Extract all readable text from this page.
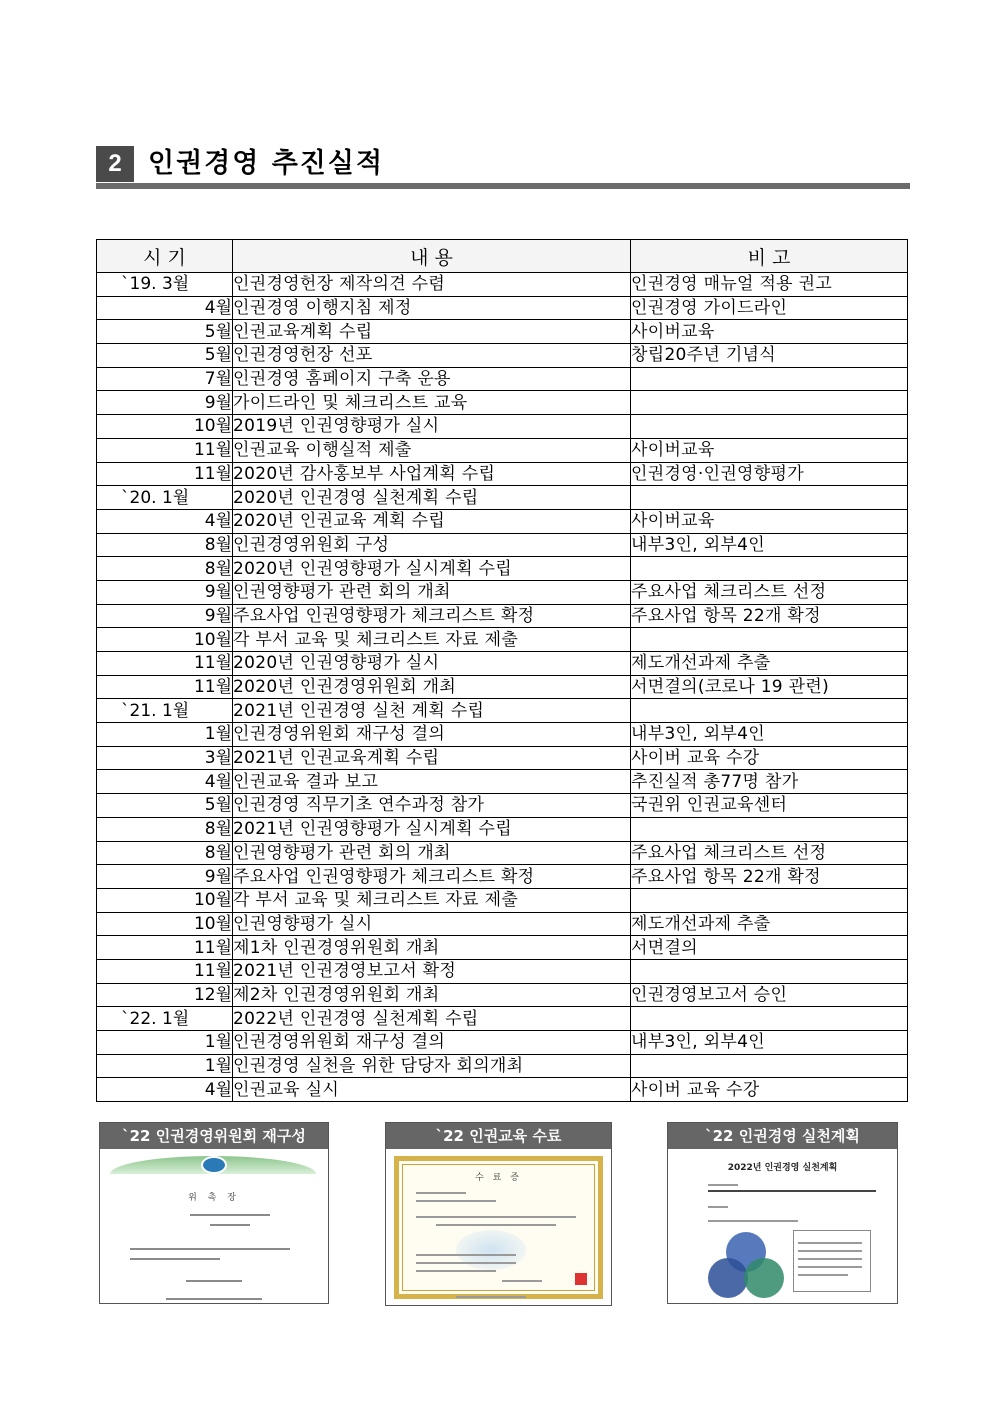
2 인권경영 추진실적
시 기	내 용	비 고
`19. 3월	인권경영헌장 제작의견 수렴	인권경영 매뉴얼 적용 권고
4월	인권경영 이행지침 제정	인권경영 가이드라인
5월	인권교육계획 수립	사이버교육
5월	인권경영헌장 선포	창립20주년 기념식
7월	인권경영 홈페이지 구축 운용	
9월	가이드라인 및 체크리스트 교육	
10월	2019년 인권영향평가 실시	
11월	인권교육 이행실적 제출	사이버교육
11월	2020년 감사홍보부 사업계획 수립	인권경영·인권영향평가
`20. 1월	2020년 인권경영 실천계획 수립	
4월	2020년 인권교육 계획 수립	사이버교육
8월	인권경영위원회 구성	내부3인, 외부4인
8월	2020년 인권영향평가 실시계획 수립	
9월	인권영향평가 관련 회의 개최	주요사업 체크리스트 선정
9월	주요사업 인권영향평가 체크리스트 확정	주요사업 항목 22개 확정
10월	각 부서 교육 및 체크리스트 자료 제출	
11월	2020년 인권영향평가 실시	제도개선과제 추출
11월	2020년 인권경영위원회 개최	서면결의(코로나 19 관련)
`21. 1월	2021년 인권경영 실천 계획 수립	
1월	인권경영위원회 재구성 결의	내부3인, 외부4인
3월	2021년 인권교육계획 수립	사이버 교육 수강
4월	인권교육 결과 보고	추진실적 총77명 참가
5월	인권경영 직무기초 연수과정 참가	국권위 인권교육센터
8월	2021년 인권영향평가 실시계획 수립	
8월	인권영향평가 관련 회의 개최	주요사업 체크리스트 선정
9월	주요사업 인권영향평가 체크리스트 확정	주요사업 항목 22개 확정
10월	각 부서 교육 및 체크리스트 자료 제출	
10월	인권영향평가 실시	제도개선과제 추출
11월	제1차 인권경영위원회 개최	서면결의
11월	2021년 인권경영보고서 확정	
12월	제2차 인권경영위원회 개최	인권경영보고서 승인
`22. 1월	2022년 인권경영 실천계획 수립	
1월	인권경영위원회 재구성 결의	내부3인, 외부4인
1월	인권경영 실천을 위한 담당자 회의개최	
4월	인권교육 실시	사이버 교육 수강
`22 인권경영위원회 재구성
위 촉 장
`22 인권교육 수료
수 료 증
`22 인권경영 실천계획
2022년 인권경영 실천계획
